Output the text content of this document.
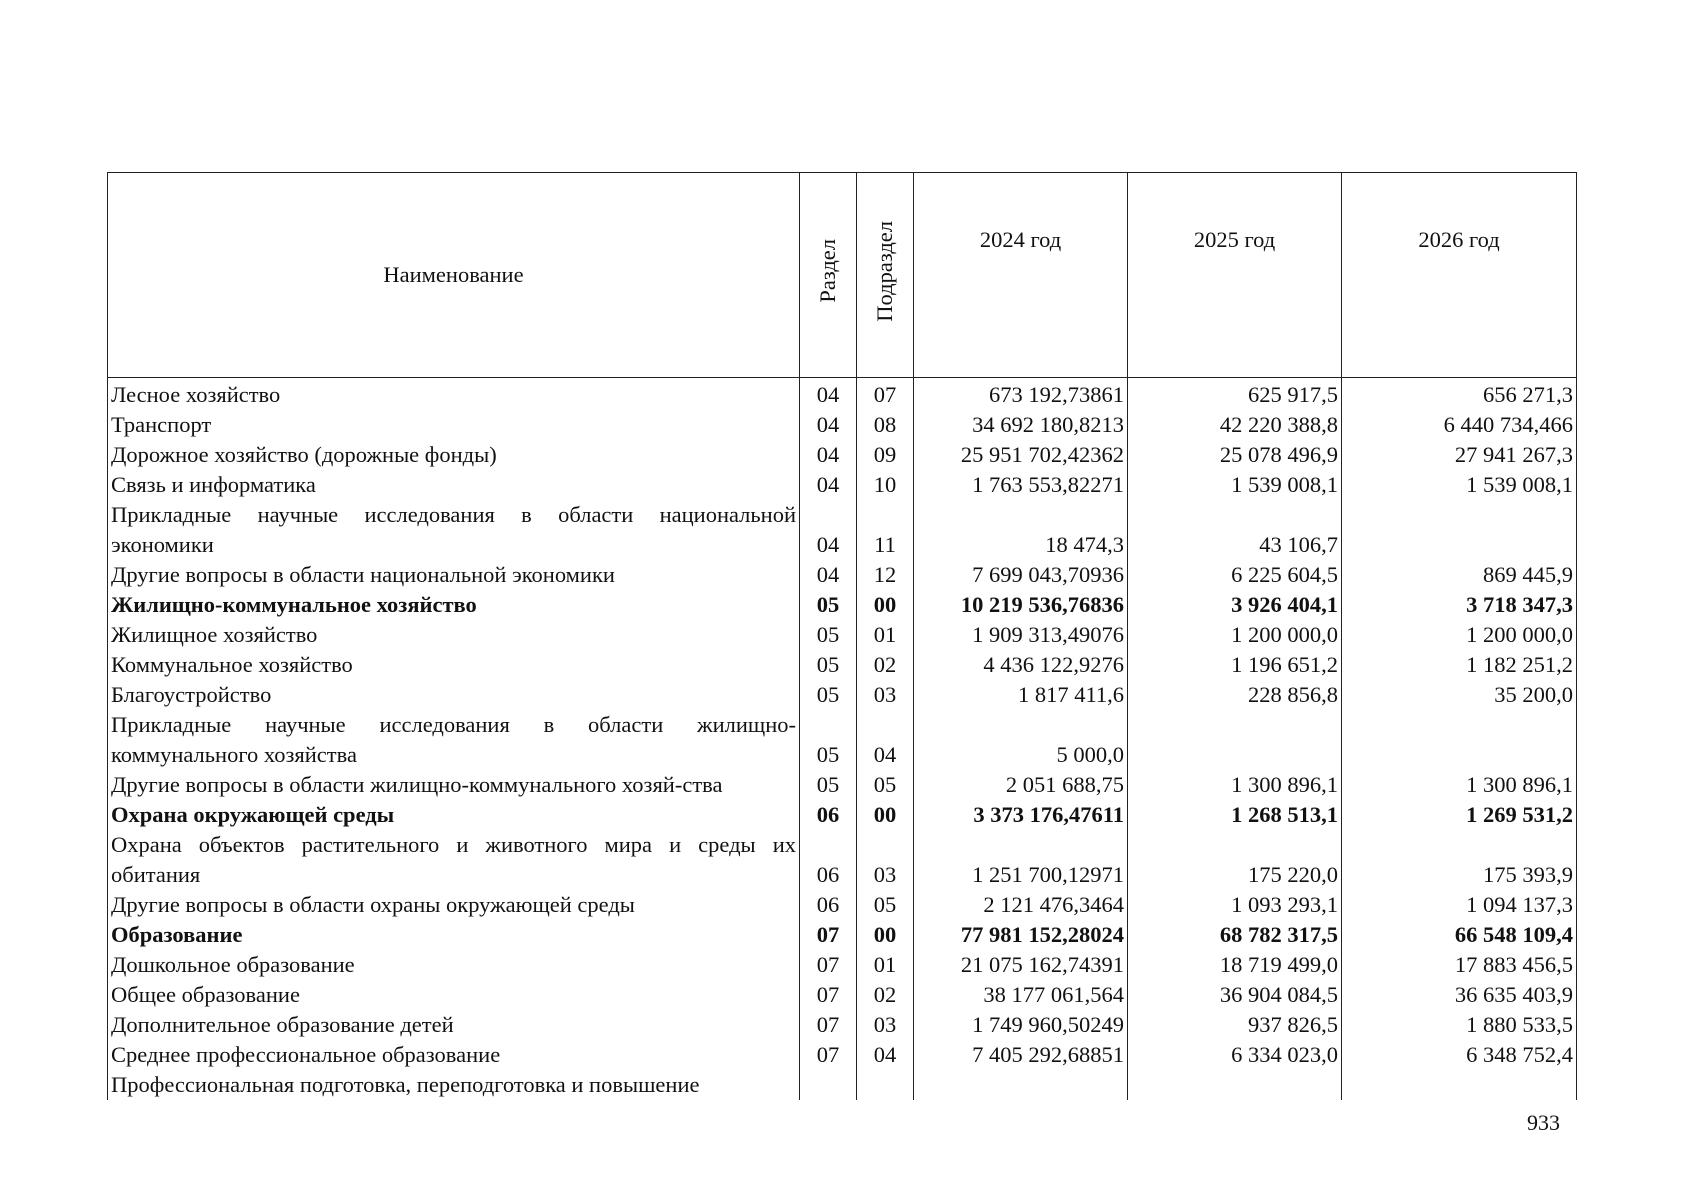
Наименование	Раздел	Подраздел	2024 год	2025 год	2026 год
Лесное хозяйство	04	07	673 192,73861	625 917,5	656 271,3
Транспорт	04	08	34 692 180,8213	42 220 388,8	6 440 734,466
Дорожное хозяйство (дорожные фонды)	04	09	25 951 702,42362	25 078 496,9	27 941 267,3
Связь и информатика	04	10	1 763 553,82271	1 539 008,1	1 539 008,1
Прикладные научные исследования в области национальной экономики	04	11	18 474,3	43 106,7	
Другие вопросы в области национальной экономики	04	12	7 699 043,70936	6 225 604,5	869 445,9
Жилищно-коммунальное хозяйство	05	00	10 219 536,76836	3 926 404,1	3 718 347,3
Жилищное хозяйство	05	01	1 909 313,49076	1 200 000,0	1 200 000,0
Коммунальное хозяйство	05	02	4 436 122,9276	1 196 651,2	1 182 251,2
Благоустройство	05	03	1 817 411,6	228 856,8	35 200,0
Прикладные научные исследования в области жилищно-коммунального хозяйства	05	04	5 000,0		
Другие вопросы в области жилищно-коммунального хозяй-ства	05	05	2 051 688,75	1 300 896,1	1 300 896,1
Охрана окружающей среды	06	00	3 373 176,47611	1 268 513,1	1 269 531,2
Охрана объектов растительного и животного мира и среды их обитания	06	03	1 251 700,12971	175 220,0	175 393,9
Другие вопросы в области охраны окружающей среды	06	05	2 121 476,3464	1 093 293,1	1 094 137,3
Образование	07	00	77 981 152,28024	68 782 317,5	66 548 109,4
Дошкольное образование	07	01	21 075 162,74391	18 719 499,0	17 883 456,5
Общее образование	07	02	38 177 061,564	36 904 084,5	36 635 403,9
Дополнительное образование детей	07	03	1 749 960,50249	937 826,5	1 880 533,5
Среднее профессиональное образование	07	04	7 405 292,68851	6 334 023,0	6 348 752,4
Профессиональная подготовка, переподготовка и повышение					
933
